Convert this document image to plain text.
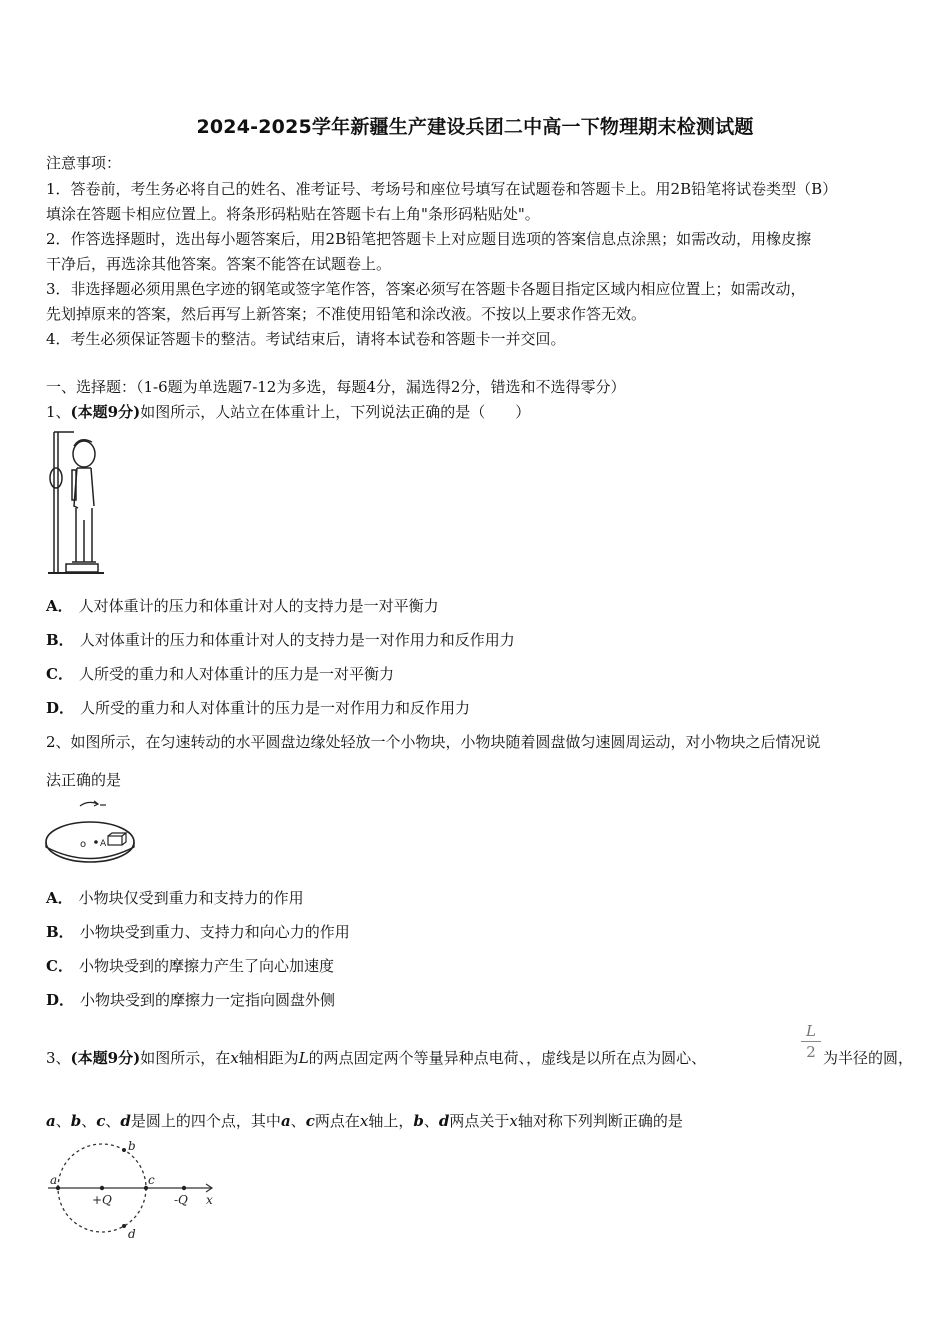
2024-2025学年新疆生产建设兵团二中高一下物理期末检测试题
注意事项：
1．答卷前，考生务必将自己的姓名、准考证号、考场号和座位号填写在试题卷和答题卡上。用2B铅笔将试卷类型（B）
填涂在答题卡相应位置上。将条形码粘贴在答题卡右上角"条形码粘贴处"。
2．作答选择题时，选出每小题答案后，用2B铅笔把答题卡上对应题目选项的答案信息点涂黑；如需改动，用橡皮擦
干净后，再选涂其他答案。答案不能答在试题卷上。
3．非选择题必须用黑色字迹的钢笔或签字笔作答，答案必须写在答题卡各题目指定区域内相应位置上；如需改动，
先划掉原来的答案，然后再写上新答案；不准使用铅笔和涂改液。不按以上要求作答无效。
4．考生必须保证答题卡的整洁。考试结束后，请将本试卷和答题卡一并交回。
一、选择题：（1-6题为单选题7-12为多选，每题4分，漏选得2分，错选和不选得零分）
1、(本题9分)如图所示，人站立在体重计上，下列说法正确的是（　　）
A． 人对体重计的压力和体重计对人的支持力是一对平衡力
B． 人对体重计的压力和体重计对人的支持力是一对作用力和反作用力
C． 人所受的重力和人对体重计的压力是一对平衡力
D． 人所受的重力和人对体重计的压力是一对作用力和反作用力
2、如图所示，在匀速转动的水平圆盘边缘处轻放一个小物块，小物块随着圆盘做匀速圆周运动，对小物块之后情况说
法正确的是
o A
A． 小物块仅受到重力和支持力的作用
B． 小物块受到重力、支持力和向心力的作用
C． 小物块受到的摩擦力产生了向心加速度
D． 小物块受到的摩擦力一定指向圆盘外侧
3、(本题9分)如图所示，在x轴相距为L的两点固定两个等量异种点电荷、，虚线是以所在点为圆心、	$\frac{L}{2}$ 为半径的圆，
a、b、c、d是圆上的四个点，其中a、c两点在x轴上，b、d两点关于x轴对称下列判断正确的是
a
b
c
d
+Q	-Q x
